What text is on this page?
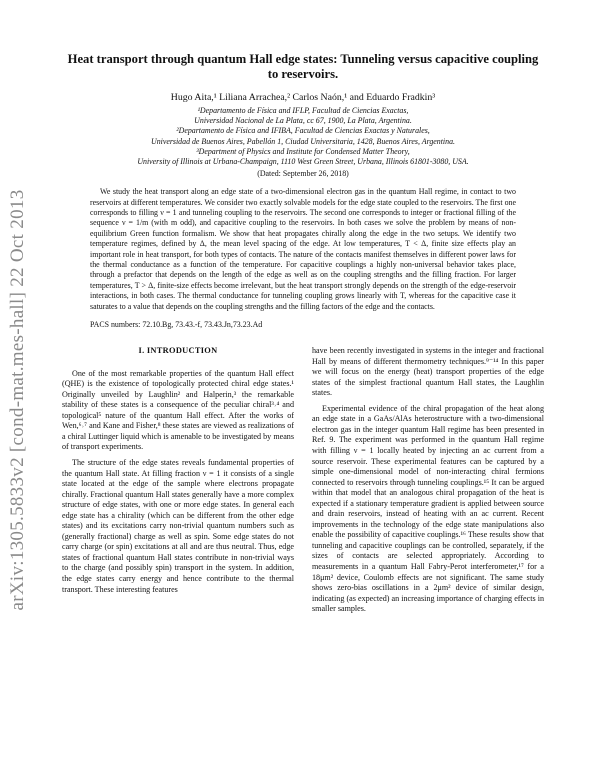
arXiv:1305.5833v2 [cond-mat.mes-hall] 22 Oct 2013
Heat transport through quantum Hall edge states: Tunneling versus capacitive coupling to reservoirs.
Hugo Aita,¹ Liliana Arrachea,² Carlos Naón,¹ and Eduardo Fradkin³
¹Departamento de Física and IFLP, Facultad de Ciencias Exactas,
Universidad Nacional de La Plata, cc 67, 1900, La Plata, Argentina.
²Departamento de Física and IFIBA, Facultad de Ciencias Exactas y Naturales,
Universidad de Buenos Aires, Pabellón 1, Ciudad Universitaria, 1428, Buenos Aires, Argentina.
³Department of Physics and Institute for Condensed Matter Theory,
University of Illinois at Urbana-Champaign, 1110 West Green Street, Urbana, Illinois 61801-3080, USA.
(Dated: September 26, 2018)
We study the heat transport along an edge state of a two-dimensional electron gas in the quantum Hall regime, in contact to two reservoirs at different temperatures. We consider two exactly solvable models for the edge state coupled to the reservoirs. The first one corresponds to filling ν = 1 and tunneling coupling to the reservoirs. The second one corresponds to integer or fractional filling of the sequence ν = 1/m (with m odd), and capacitive coupling to the reservoirs. In both cases we solve the problem by means of non-equilibrium Green function formalism. We show that heat propagates chirally along the edge in the two setups. We identify two temperature regimes, defined by Δ, the mean level spacing of the edge. At low temperatures, T < Δ, finite size effects play an important role in heat transport, for both types of contacts. The nature of the contacts manifest themselves in different power laws for the thermal conductance as a function of the temperature. For capacitive couplings a highly non-universal behavior takes place, through a prefactor that depends on the length of the edge as well as on the coupling strengths and the filling fraction. For larger temperatures, T > Δ, finite-size effects become irrelevant, but the heat transport strongly depends on the strength of the edge-reservoir interactions, in both cases. The thermal conductance for tunneling coupling grows linearly with T, whereas for the capacitive case it saturates to a value that depends on the coupling strengths and the filling factors of the edge and the contacts.
PACS numbers: 72.10.Bg, 73.43.-f, 73.43.Jn,73.23.Ad
I. INTRODUCTION

One of the most remarkable properties of the quantum Hall effect (QHE) is the existence of topologically protected chiral edge states.¹ Originally unveiled by Laughlin² and Halperin,³ the remarkable stability of these states is a consequence of the peculiar chiral³˒⁴ and topological⁵ nature of the quantum Hall effect. After the works of Wen,⁶˒⁷ and Kane and Fisher,⁸ these states are viewed as realizations of a chiral Luttinger liquid which is amenable to be investigated by means of transport experiments.

The structure of the edge states reveals fundamental properties of the quantum Hall state. At filling fraction ν = 1 it consists of a single state located at the edge of the sample where electrons propagate chirally. Fractional quantum Hall states generally have a more complex structure of edge states, with one or more edge states. In general each edge state has a chirality (which can be different from the other edge states) and its excitations carry non-trivial quantum numbers such as (generally fractional) charge as well as spin. Some edge states do not carry charge (or spin) excitations at all and are thus neutral. Thus, edge states of fractional quantum Hall states contribute in non-trivial ways to the charge (and possibly spin) transport in the system. In addition, the edge states carry energy and hence contribute to the thermal transport. These interesting features

have been recently investigated in systems in the integer and fractional Hall by means of different thermometry techniques.⁹⁻¹⁴ In this paper we will focus on the energy (heat) transport properties of the edge states of the simplest fractional quantum Hall states, the Laughlin states.

Experimental evidence of the chiral propagation of the heat along an edge state in a GaAs/AlAs heterostructure with a two-dimensional electron gas in the integer quantum Hall regime has been presented in Ref. 9. The experiment was performed in the quantum Hall regime with filling ν = 1 locally heated by injecting an ac current from a source reservoir. These experimental features can be captured by a simple one-dimensional model of non-interacting chiral fermions connected to reservoirs through tunneling couplings.¹⁵ It can be argued within that model that an analogous chiral propagation of the heat is expected if a stationary temperature gradient is applied between source and drain reservoirs, instead of heating with an ac current. Recent improvements in the technology of the edge state manipulations also enable the possibility of capacitive couplings.¹⁶ These results show that tunneling and capacitive couplings can be controlled, separately, if the sizes of contacts are selected appropriately. According to measurements in a quantum Hall Fabry-Perot interferometer,¹⁷ for a 18μm² device, Coulomb effects are not significant. The same study shows zero-bias oscillations in a 2μm² device of similar design, indicating (as expected) an increasing importance of charging effects in smaller samples.
